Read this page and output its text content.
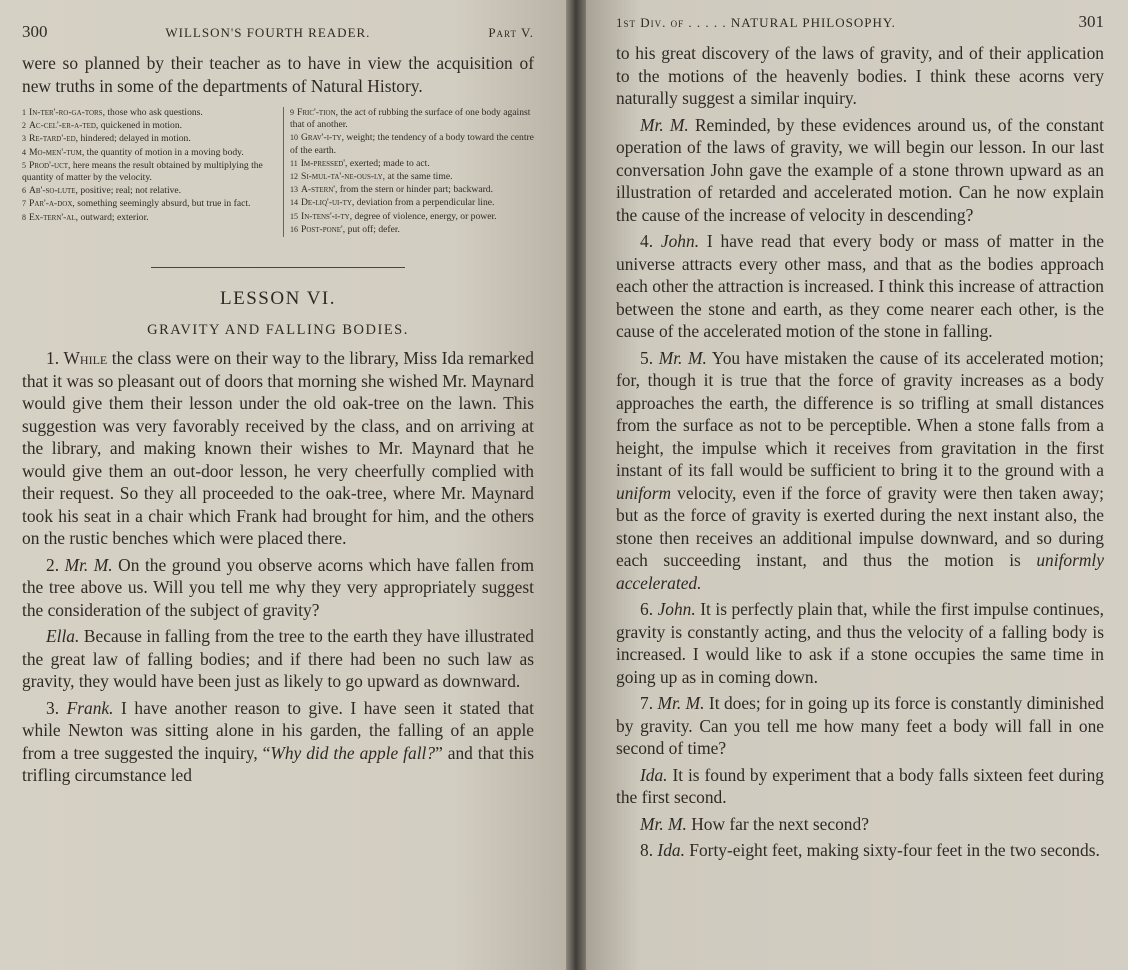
300	WILLSON'S FOURTH READER.	Part V.

were so planned by their teacher as to have in view the acquisition of new truths in some of the departments of Natural History.

1 In-ter'-ro-ga-tors, those who ask questions.
2 Ac-cel'-er-a-ted, quickened in motion.
3 Re-tard'-ed, hindered; delayed in motion.
4 Mo-men'-tum, the quantity of motion in a moving body.
5 Prod'-uct, here means the result obtained by multiplying the quantity of matter by the velocity.
6 Ab'-so-lute, positive; real; not relative.
7 Par'-a-dox, something seemingly absurd, but true in fact.
8 Ex-tern'-al, outward; exterior.
9 Fric'-tion, the act of rubbing the surface of one body against that of another.
10 Grav'-i-ty, weight; the tendency of a body toward the centre of the earth.
11 Im-pressed', exerted; made to act.
12 Si-mul-ta'-ne-ous-ly, at the same time.
13 A-stern', from the stern or hinder part; backward.
14 De-liq'-ui-ty, deviation from a perpendicular line.
15 In-tens'-i-ty, degree of violence, energy, or power.
16 Post-pone', put off; defer.
LESSON VI.
GRAVITY AND FALLING BODIES.

1. While the class were on their way to the library, Miss Ida remarked that it was so pleasant out of doors that morning she wished Mr. Maynard would give them their lesson under the old oak-tree on the lawn. This suggestion was very favorably received by the class, and on arriving at the library, and making known their wishes to Mr. Maynard that he would give them an out-door lesson, he very cheerfully complied with their request. So they all proceeded to the oak-tree, where Mr. Maynard took his seat in a chair which Frank had brought for him, and the others on the rustic benches which were placed there.

2. Mr. M. On the ground you observe acorns which have fallen from the tree above us. Will you tell me why they very appropriately suggest the consideration of the subject of gravity?

Ella. Because in falling from the tree to the earth they have illustrated the great law of falling bodies; and if there had been no such law as gravity, they would have been just as likely to go upward as downward.

3. Frank. I have another reason to give. I have seen it stated that while Newton was sitting alone in his garden, the falling of an apple from a tree suggested the inquiry, “Why did the apple fall?” and that this trifling circumstance led

1st Div. of . . . . . NATURAL PHILOSOPHY.	301

to his great discovery of the laws of gravity, and of their application to the motions of the heavenly bodies. I think these acorns very naturally suggest a similar inquiry.

Mr. M. Reminded, by these evidences around us, of the constant operation of the laws of gravity, we will begin our lesson. In our last conversation John gave the example of a stone thrown upward as an illustration of retarded and accelerated motion. Can he now explain the cause of the increase of velocity in descending?

4. John. I have read that every body or mass of matter in the universe attracts every other mass, and that as the bodies approach each other the attraction is increased. I think this increase of attraction between the stone and earth, as they come nearer each other, is the cause of the accelerated motion of the stone in falling.

5. Mr. M. You have mistaken the cause of its accelerated motion; for, though it is true that the force of gravity increases as a body approaches the earth, the difference is so trifling at small distances from the surface as not to be perceptible. When a stone falls from a height, the impulse which it receives from gravitation in the first instant of its fall would be sufficient to bring it to the ground with a uniform velocity, even if the force of gravity were then taken away; but as the force of gravity is exerted during the next instant also, the stone then receives an additional impulse downward, and so during each succeeding instant, and thus the motion is uniformly accelerated.

6. John. It is perfectly plain that, while the first impulse continues, gravity is constantly acting, and thus the velocity of a falling body is increased. I would like to ask if a stone occupies the same time in going up as in coming down.

7. Mr. M. It does; for in going up its force is constantly diminished by gravity. Can you tell me how many feet a body will fall in one second of time?

Ida. It is found by experiment that a body falls sixteen feet during the first second.

Mr. M. How far the next second?

8. Ida. Forty-eight feet, making sixty-four feet in the two seconds.
